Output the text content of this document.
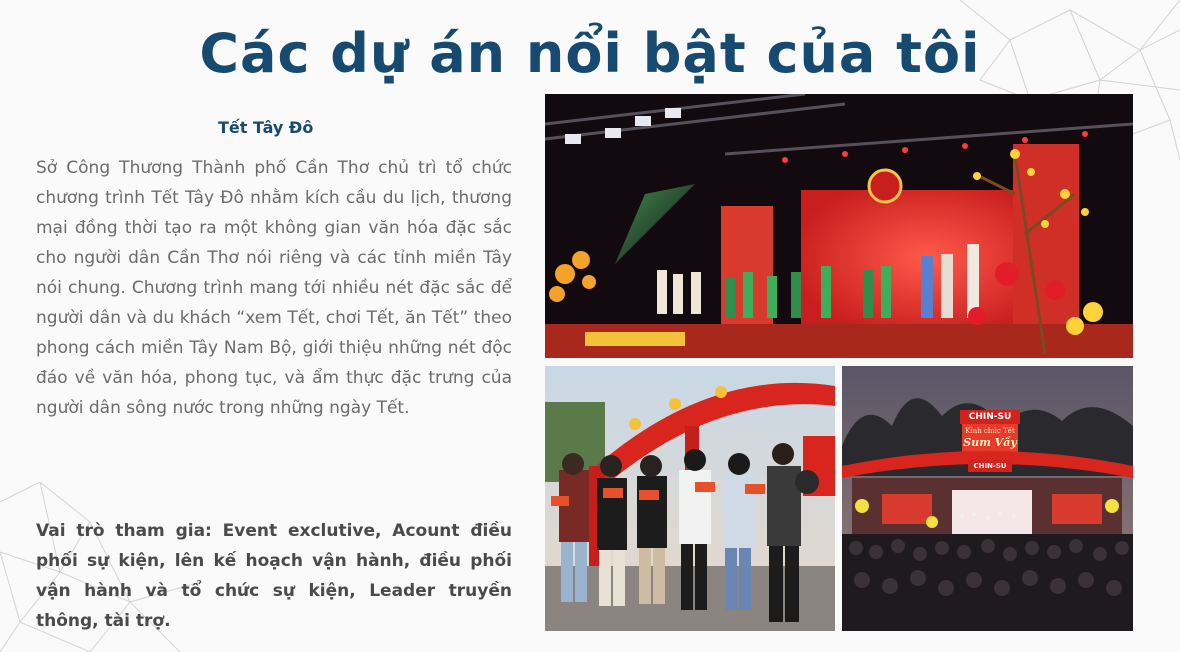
Các dự án nổi bật của tôi
Tết Tây Đô

Sở Công Thương Thành phố Cần Thơ chủ trì tổ chức chương trình Tết Tây Đô nhằm kích cầu du lịch, thương mại đồng thời tạo ra một không gian văn hóa đặc sắc cho người dân Cần Thơ nói riêng và các tỉnh miền Tây nói chung. Chương trình mang tới nhiều nét đặc sắc để người dân và du khách “xem Tết, chơi Tết, ăn Tết” theo phong cách miền Tây Nam Bộ, giới thiệu những nét độc đáo về văn hóa, phong tục, và ẩm thực đặc trưng của người dân sông nước trong những ngày Tết.

Vai trò tham gia: Event exclutive, Acount điều phối sự kiện, lên kế hoạch vận hành, điều phối vận hành và tổ chức sự kiện, Leader truyền thông, tài trợ.

CHIN-SU
Kính chúc Tết
Sum Vầy
CHIN-SU
